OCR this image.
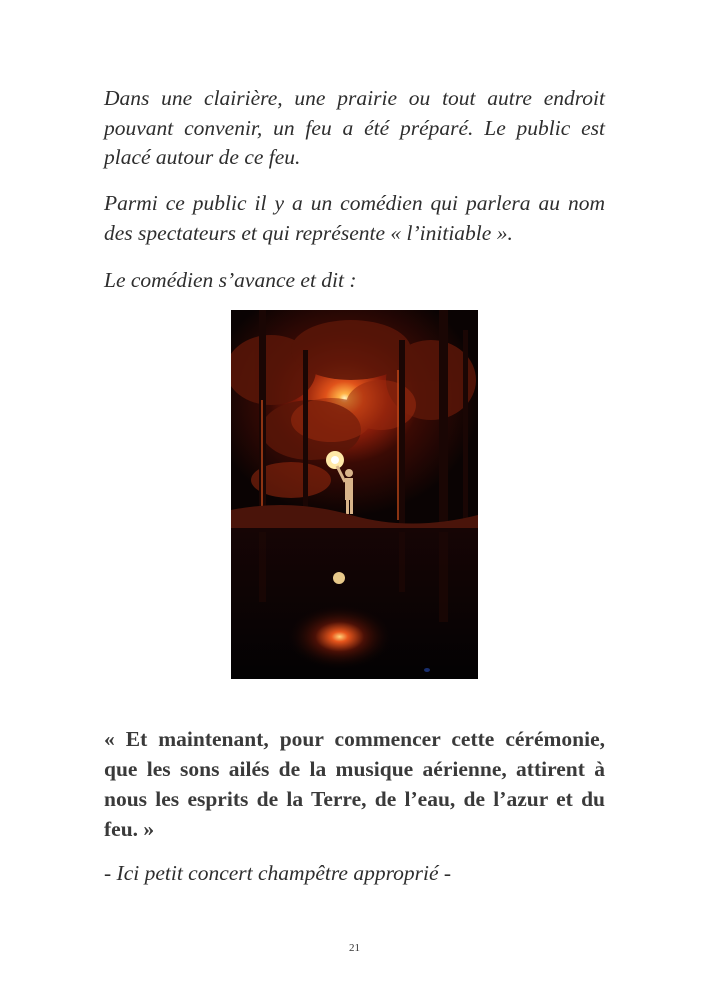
Dans une clairière, une prairie ou tout autre endroit pouvant convenir, un feu a été préparé. Le public est placé autour de ce feu.

Parmi ce public il y a un comédien qui parlera au nom des spectateurs et qui représente « l’initiable ».

Le comédien s’avance et dit :

« Et maintenant, pour commencer cette cérémonie, que les sons ailés de la musique aérienne, attirent à nous les esprits de la Terre, de l’eau, de l’azur et du feu. »

- Ici petit concert champêtre approprié -

21
